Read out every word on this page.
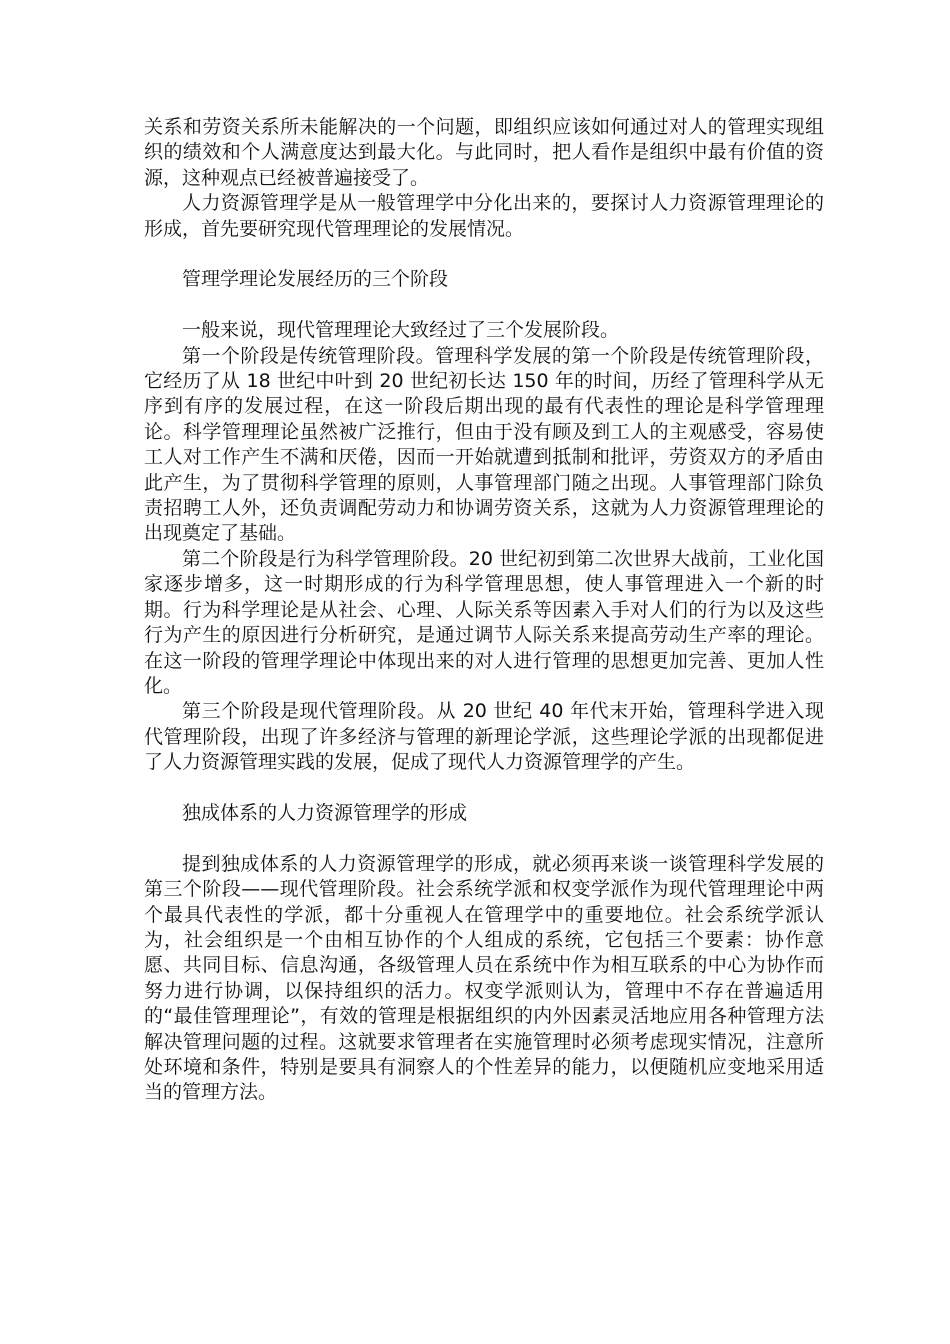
关系和劳资关系所未能解决的一个问题，即组织应该如何通过对人的管理实现组织的绩效和个人满意度达到最大化。与此同时，把人看作是组织中最有价值的资源，这种观点已经被普遍接受了。

人力资源管理学是从一般管理学中分化出来的，要探讨人力资源管理理论的形成，首先要研究现代管理理论的发展情况。

管理学理论发展经历的三个阶段

一般来说，现代管理理论大致经过了三个发展阶段。

第一个阶段是传统管理阶段。管理科学发展的第一个阶段是传统管理阶段，它经历了从 18 世纪中叶到 20 世纪初长达 150 年的时间，历经了管理科学从无序到有序的发展过程，在这一阶段后期出现的最有代表性的理论是科学管理理论。科学管理理论虽然被广泛推行，但由于没有顾及到工人的主观感受，容易使工人对工作产生不满和厌倦，因而一开始就遭到抵制和批评，劳资双方的矛盾由此产生，为了贯彻科学管理的原则，人事管理部门随之出现。人事管理部门除负责招聘工人外，还负责调配劳动力和协调劳资关系，这就为人力资源管理理论的出现奠定了基础。

第二个阶段是行为科学管理阶段。20 世纪初到第二次世界大战前，工业化国家逐步增多，这一时期形成的行为科学管理思想，使人事管理进入一个新的时期。行为科学理论是从社会、心理、人际关系等因素入手对人们的行为以及这些行为产生的原因进行分析研究，是通过调节人际关系来提高劳动生产率的理论。在这一阶段的管理学理论中体现出来的对人进行管理的思想更加完善、更加人性化。

第三个阶段是现代管理阶段。从 20 世纪 40 年代末开始，管理科学进入现代管理阶段，出现了许多经济与管理的新理论学派，这些理论学派的出现都促进了人力资源管理实践的发展，促成了现代人力资源管理学的产生。

独成体系的人力资源管理学的形成

提到独成体系的人力资源管理学的形成，就必须再来谈一谈管理科学发展的第三个阶段——现代管理阶段。社会系统学派和权变学派作为现代管理理论中两个最具代表性的学派，都十分重视人在管理学中的重要地位。社会系统学派认为，社会组织是一个由相互协作的个人组成的系统，它包括三个要素：协作意愿、共同目标、信息沟通，各级管理人员在系统中作为相互联系的中心为协作而努力进行协调，以保持组织的活力。权变学派则认为，管理中不存在普遍适用的“最佳管理理论”，有效的管理是根据组织的内外因素灵活地应用各种管理方法解决管理问题的过程。这就要求管理者在实施管理时必须考虑现实情况，注意所处环境和条件，特别是要具有洞察人的个性差异的能力，以便随机应变地采用适当的管理方法。
